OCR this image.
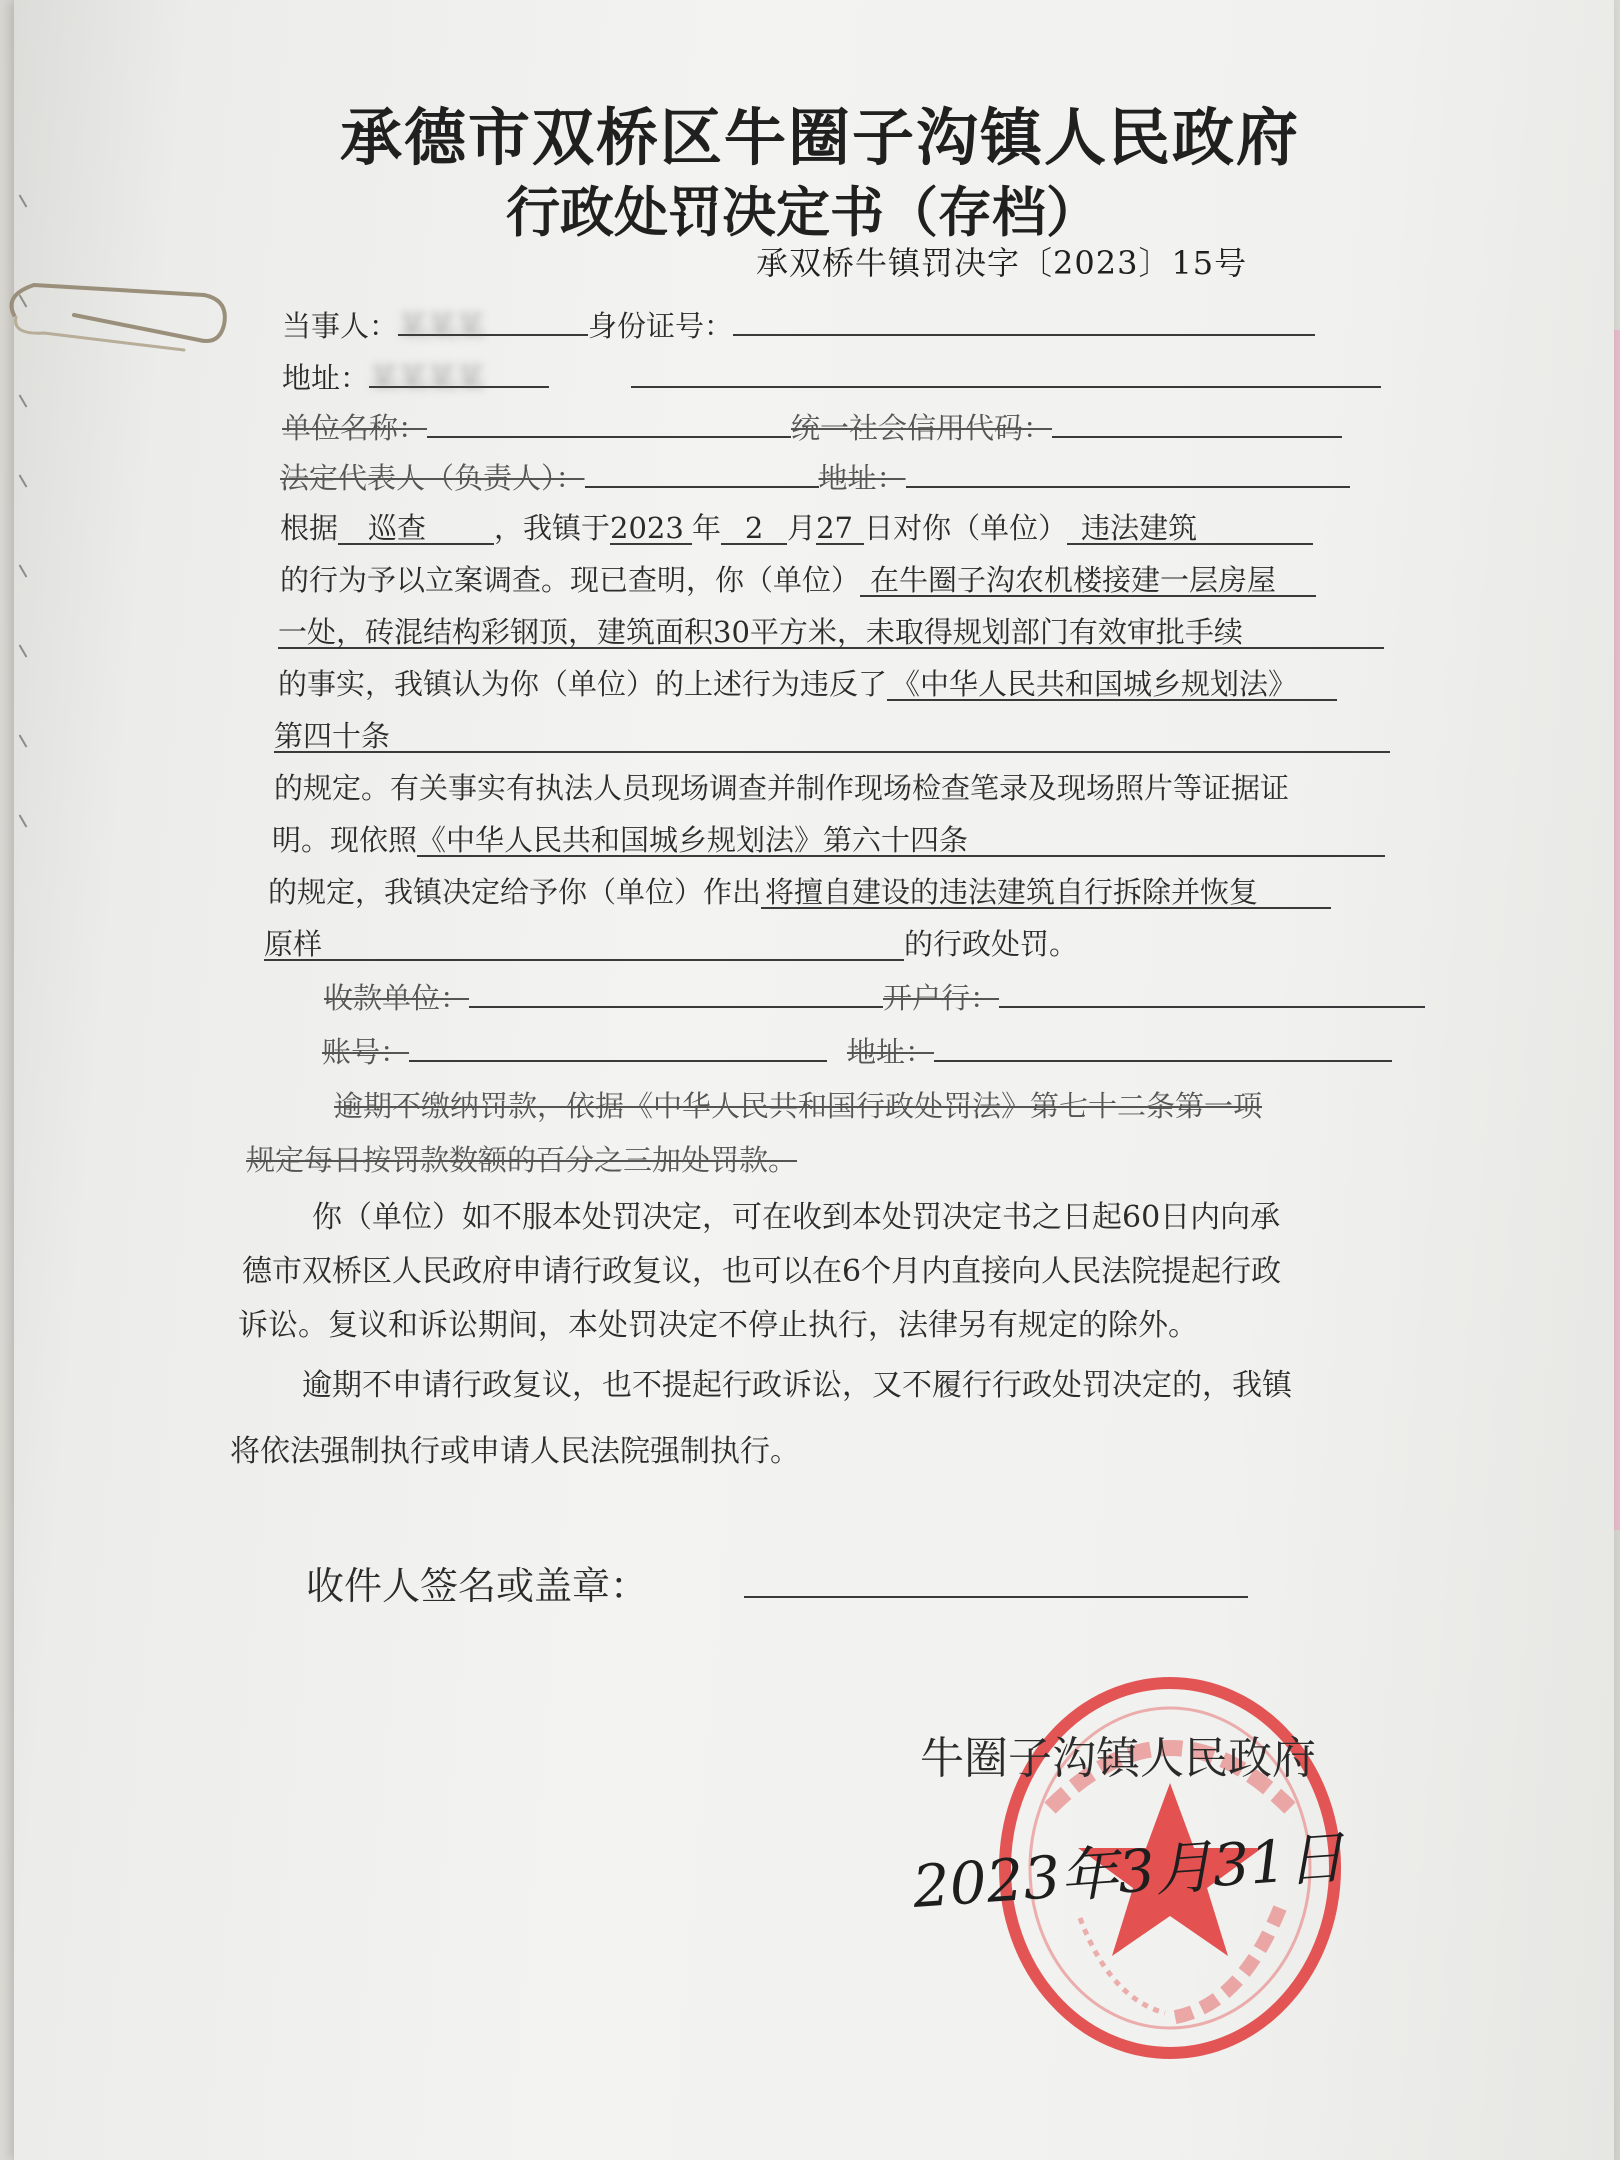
承德市双桥区牛圈子沟镇人民政府
行政处罚决定书（存档）
承双桥牛镇罚决字〔2023〕15号
当事人：某某某	身份证号：
地址：某某某某
单位名称：	统一社会信用代码：
法定代表人（负责人）：	地址：
根据 巡查 ，我镇于2023 年 2 月27 日对你（单位） 违法建筑
的行为予以立案调查。现已查明，你（单位） 在牛圈子沟农机楼接建一层房屋
一处，砖混结构彩钢顶，建筑面积30平方米，未取得规划部门有效审批手续
的事实，我镇认为你（单位）的上述行为违反了 《中华人民共和国城乡规划法》
第四十条
的规定。有关事实有执法人员现场调查并制作现场检查笔录及现场照片等证据证
明。现依照《中华人民共和国城乡规划法》第六十四条
的规定，我镇决定给予你（单位）作出 将擅自建设的违法建筑自行拆除并恢复
原样	的行政处罚。
收款单位：	开户行：
账号：	地址：
逾期不缴纳罚款，依据《中华人民共和国行政处罚法》第七十二条第一项
规定每日按罚款数额的百分之三加处罚款。
你（单位）如不服本处罚决定，可在收到本处罚决定书之日起60日内向承
德市双桥区人民政府申请行政复议，也可以在6个月内直接向人民法院提起行政
诉讼。复议和诉讼期间，本处罚决定不停止执行，法律另有规定的除外。
逾期不申请行政复议，也不提起行政诉讼，又不履行行政处罚决定的，我镇
将依法强制执行或申请人民法院强制执行。
收件人签名或盖章：
牛圈子沟镇人民政府
2023年3月31日
